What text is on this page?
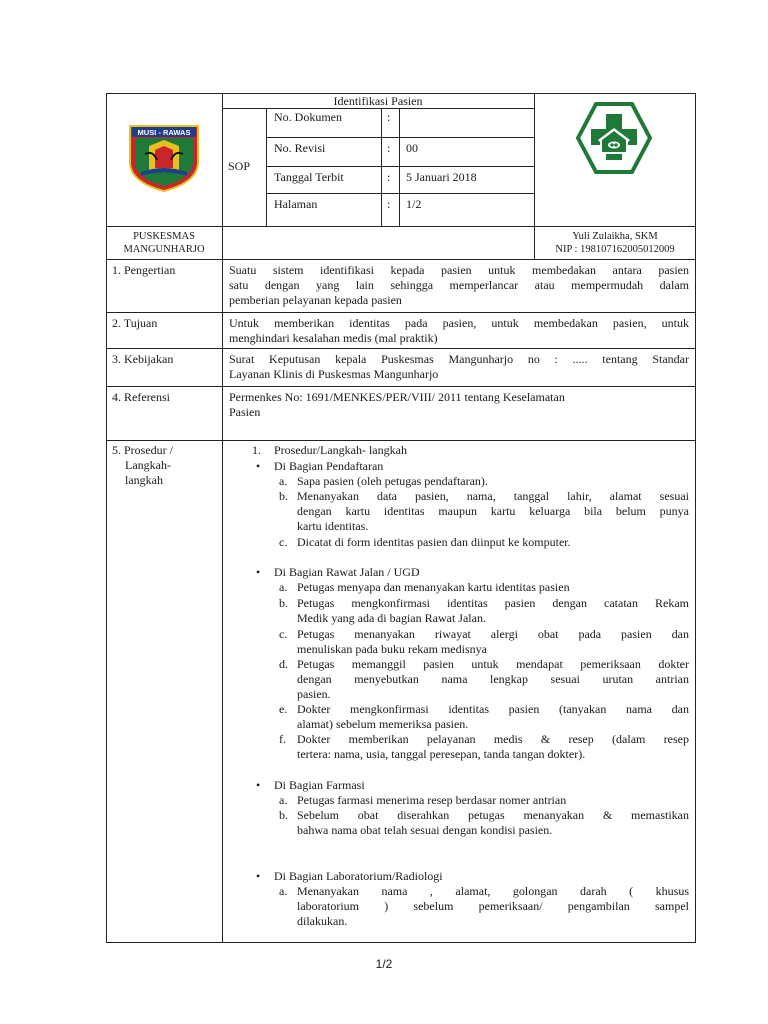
MUSI - RAWAS
Identifikasi Pasien
SOP
No. Dokumen	:
No. Revisi	: 00
Tanggal Terbit	: 5 Januari 2018
Halaman	: 1/2
PUSKESMAS
MANGUNHARJO
Yuli Zulaikha, SKM
NIP : 198107162005012009
1. Pengertian	Suatu sistem identifikasi kepada pasien untuk membedakan antara pasien
satu dengan yang lain sehingga memperlancar atau mempermudah dalam
pemberian pelayanan kepada pasien
2. Tujuan	Untuk memberikan identitas pada pasien, untuk membedakan pasien, untuk
menghindari kesalahan medis (mal praktik)
3. Kebijakan	Surat Keputusan kepala Puskesmas Mangunharjo no : ..... tentang Standar
Layanan Klinis di Puskesmas Mangunharjo
4. Referensi	Permenkes No: 1691/MENKES/PER/VIII/ 2011 tentang Keselamatan
Pasien
5. Prosedur /
Langkah-
langkah
1. Prosedur/Langkah- langkah
• Di Bagian Pendaftaran
a. Sapa pasien (oleh petugas pendaftaran).
b. Menanyakan data pasien, nama, tanggal lahir, alamat sesuai
dengan kartu identitas maupun kartu keluarga bila belum punya
kartu identitas.
c. Dicatat di form identitas pasien dan diinput ke komputer.
• Di Bagian Rawat Jalan / UGD
a. Petugas menyapa dan menanyakan kartu identitas pasien
b. Petugas mengkonfirmasi identitas pasien dengan catatan Rekam
Medik yang ada di bagian Rawat Jalan.
c. Petugas menanyakan riwayat alergi obat pada pasien dan
menuliskan pada buku rekam medisnya
d. Petugas memanggil pasien untuk mendapat pemeriksaan dokter
dengan menyebutkan nama lengkap sesuai urutan antrian
pasien.
e. Dokter mengkonfirmasi identitas pasien (tanyakan nama dan
alamat) sebelum memeriksa pasien.
f. Dokter memberikan pelayanan medis & resep (dalam resep
tertera: nama, usia, tanggal peresepan, tanda tangan dokter).
• Di Bagian Farmasi
a. Petugas farmasi menerima resep berdasar nomer antrian
b. Sebelum obat diserahkan petugas menanyakan & memastikan
bahwa nama obat telah sesuai dengan kondisi pasien.
• Di Bagian Laboratorium/Radiologi
a. Menanyakan nama , alamat, golongan darah ( khusus
laboratorium ) sebelum pemeriksaan/ pengambilan sampel
dilakukan.
1/2
